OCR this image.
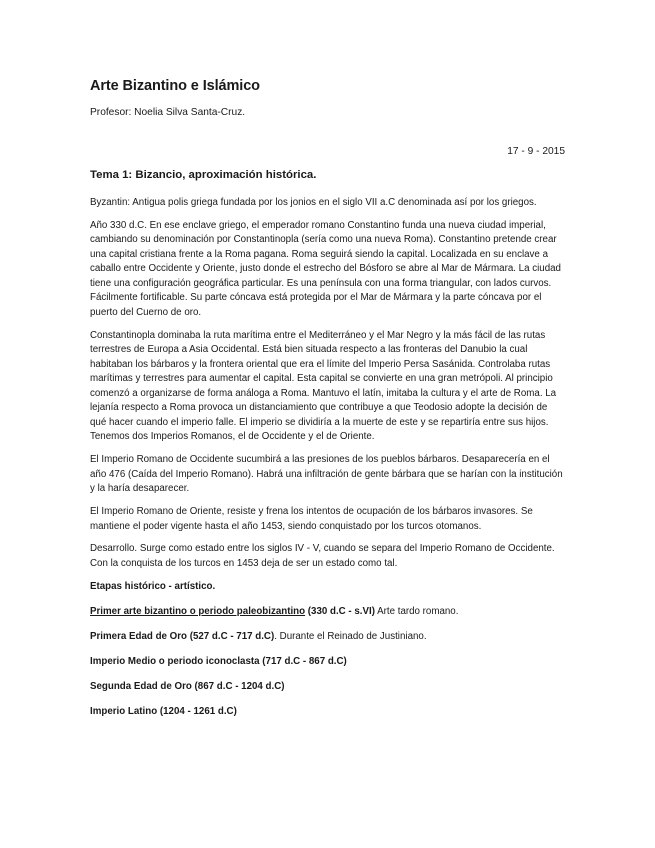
Arte Bizantino e Islámico
Profesor: Noelia Silva Santa-Cruz.
17 - 9 - 2015
Tema 1: Bizancio, aproximación histórica.

Byzantin: Antigua polis griega fundada por los jonios en el siglo VII a.C denominada así por los griegos.

Año 330 d.C. En ese enclave griego, el emperador romano Constantino funda una nueva ciudad imperial, cambiando su denominación por Constantinopla (sería como una nueva Roma). Constantino pretende crear una capital cristiana frente a la Roma pagana. Roma seguirá siendo la capital. Localizada en su enclave a caballo entre Occidente y Oriente, justo donde el estrecho del Bósforo se abre al Mar de Mármara. La ciudad tiene una configuración geográfica particular. Es una península con una forma triangular, con lados curvos. Fácilmente fortificable. Su parte cóncava está protegida por el Mar de Mármara y la parte cóncava por el puerto del Cuerno de oro.

Constantinopla dominaba la ruta marítima entre el Mediterráneo y el Mar Negro y la más fácil de las rutas terrestres de Europa a Asia Occidental. Está bien situada respecto a las fronteras del Danubio la cual habitaban los bárbaros y la frontera oriental que era el límite del Imperio Persa Sasánida. Controlaba rutas marítimas y terrestres para aumentar el capital. Esta capital se convierte en una gran metrópoli. Al principio comenzó a organizarse de forma análoga a Roma. Mantuvo el latín, imitaba la cultura y el arte de Roma. La lejanía respecto a Roma provoca un distanciamiento que contribuye a que Teodosio adopte la decisión de qué hacer cuando el imperio falle. El imperio se dividiría a la muerte de este y se repartiría entre sus hijos. Tenemos dos Imperios Romanos, el de Occidente y el de Oriente.

El Imperio Romano de Occidente sucumbirá a las presiones de los pueblos bárbaros. Desaparecería en el año 476 (Caída del Imperio Romano). Habrá una infiltración de gente bárbara que se harían con la institución y la haría desaparecer.

El Imperio Romano de Oriente, resiste y frena los intentos de ocupación de los bárbaros invasores. Se mantiene el poder vigente hasta el año 1453, siendo conquistado por los turcos otomanos.

Desarrollo. Surge como estado entre los siglos IV - V, cuando se separa del Imperio Romano de Occidente. Con la conquista de los turcos en 1453 deja de ser un estado como tal.

Etapas histórico - artístico.

Primer arte bizantino o periodo paleobizantino (330 d.C - s.VI) Arte tardo romano.

Primera Edad de Oro (527 d.C - 717 d.C). Durante el Reinado de Justiniano.

Imperio Medio o periodo iconoclasta (717 d.C - 867 d.C)

Segunda Edad de Oro (867 d.C - 1204 d.C)

Imperio Latino (1204 - 1261 d.C)
